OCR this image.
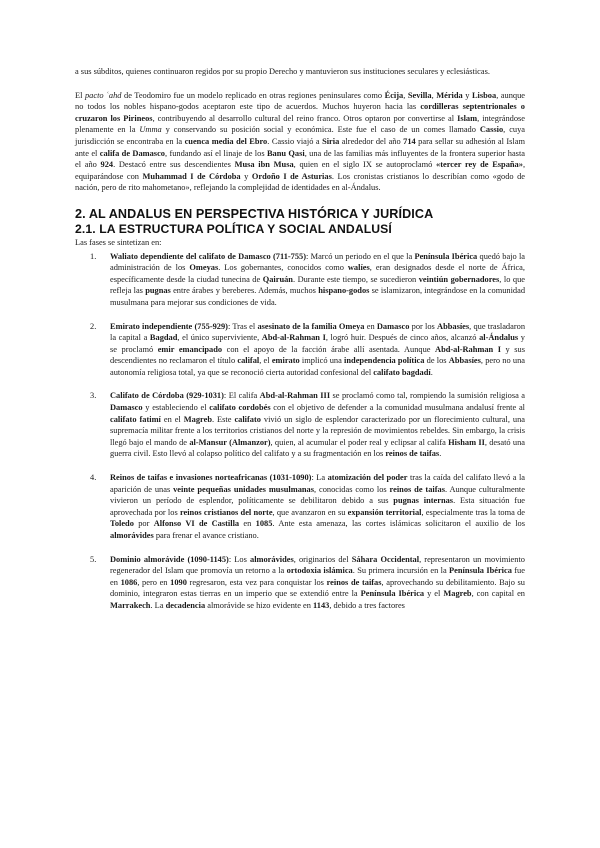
a sus súbditos, quienes continuaron regidos por su propio Derecho y mantuvieron sus instituciones seculares y eclesiásticas.

El pacto ʿahd de Teodomiro fue un modelo replicado en otras regiones peninsulares como Écija, Sevilla, Mérida y Lisboa, aunque no todos los nobles hispano-godos aceptaron este tipo de acuerdos. Muchos huyeron hacia las cordilleras septentrionales o cruzaron los Pirineos, contribuyendo al desarrollo cultural del reino franco. Otros optaron por convertirse al Islam, integrándose plenamente en la Umma y conservando su posición social y económica. Este fue el caso de un comes llamado Cassio, cuya jurisdicción se encontraba en la cuenca media del Ebro. Cassio viajó a Siria alrededor del año 714 para sellar su adhesión al Islam ante el califa de Damasco, fundando así el linaje de los Banu Qasi, una de las familias más influyentes de la frontera superior hasta el año 924. Destacó entre sus descendientes Musa ibn Musa, quien en el siglo IX se autoproclamó «tercer rey de España», equiparándose con Muhammad I de Córdoba y Ordoño I de Asturias. Los cronistas cristianos lo describían como «godo de nación, pero de rito mahometano», reflejando la complejidad de identidades en al-Ándalus.

2. AL ANDALUS EN PERSPECTIVA HISTÓRICA Y JURÍDICA
2.1. LA ESTRUCTURA POLÍTICA Y SOCIAL ANDALUSÍ

Las fases se sintetizan en:

1. Waliato dependiente del califato de Damasco (711-755): Marcó un periodo en el que la Península Ibérica quedó bajo la administración de los Omeyas. Los gobernantes, conocidos como walíes, eran designados desde el norte de África, específicamente desde la ciudad tunecina de Qairuán. Durante este tiempo, se sucedieron veintiún gobernadores, lo que refleja las pugnas entre árabes y bereberes. Además, muchos hispano-godos se islamizaron, integrándose en la comunidad musulmana para mejorar sus condiciones de vida.

2. Emirato independiente (755-929): Tras el asesinato de la familia Omeya en Damasco por los Abbasíes, que trasladaron la capital a Bagdad, el único superviviente, Abd-al-Rahman I, logró huir. Después de cinco años, alcanzó al-Ándalus y se proclamó emir emancipado con el apoyo de la facción árabe allí asentada. Aunque Abd-al-Rahman I y sus descendientes no reclamaron el título califal, el emirato implicó una independencia política de los Abbasíes, pero no una autonomía religiosa total, ya que se reconoció cierta autoridad confesional del califato bagdadí.

3. Califato de Córdoba (929-1031): El califa Abd-al-Rahman III se proclamó como tal, rompiendo la sumisión religiosa a Damasco y estableciendo el califato cordobés con el objetivo de defender a la comunidad musulmana andalusí frente al califato fatimí en el Magreb. Este califato vivió un siglo de esplendor caracterizado por un florecimiento cultural, una supremacía militar frente a los territorios cristianos del norte y la represión de movimientos rebeldes. Sin embargo, la crisis llegó bajo el mando de al-Mansur (Almanzor), quien, al acumular el poder real y eclipsar al califa Hisham II, desató una guerra civil. Esto llevó al colapso político del califato y a su fragmentación en los reinos de taifas.

4. Reinos de taifas e invasiones norteafricanas (1031-1090): La atomización del poder tras la caída del califato llevó a la aparición de unas veinte pequeñas unidades musulmanas, conocidas como los reinos de taifas. Aunque culturalmente vivieron un período de esplendor, políticamente se debilitaron debido a sus pugnas internas. Esta situación fue aprovechada por los reinos cristianos del norte, que avanzaron en su expansión territorial, especialmente tras la toma de Toledo por Alfonso VI de Castilla en 1085. Ante esta amenaza, las cortes islámicas solicitaron el auxilio de los almorávides para frenar el avance cristiano.

5. Dominio almorávide (1090-1145): Los almorávides, originarios del Sáhara Occidental, representaron un movimiento regenerador del Islam que promovía un retorno a la ortodoxia islámica. Su primera incursión en la Península Ibérica fue en 1086, pero en 1090 regresaron, esta vez para conquistar los reinos de taifas, aprovechando su debilitamiento. Bajo su dominio, integraron estas tierras en un imperio que se extendió entre la Península Ibérica y el Magreb, con capital en Marrakech. La decadencia almorávide se hizo evidente en 1143, debido a tres factores
